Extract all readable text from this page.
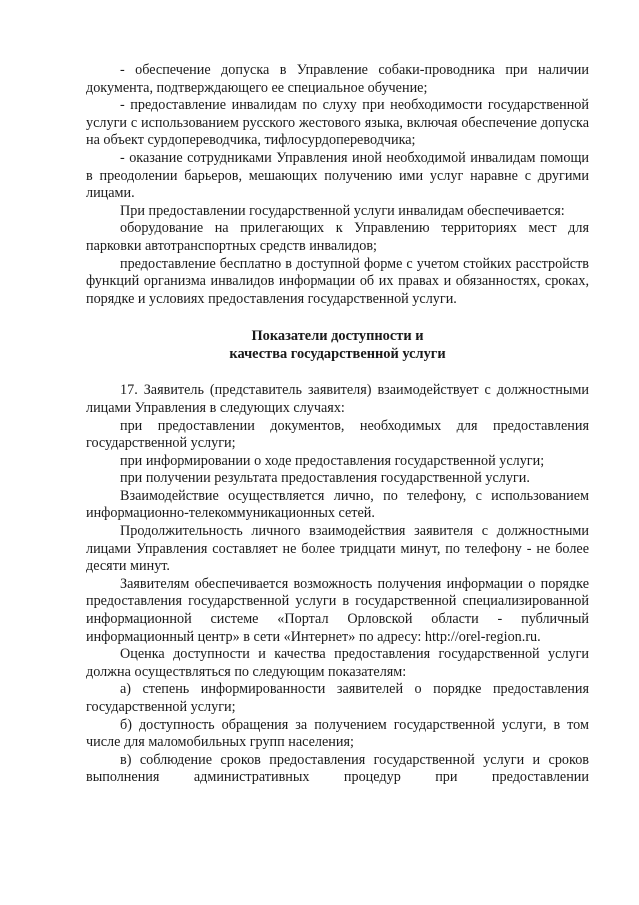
- обеспечение допуска в Управление собаки-проводника при наличии документа, подтверждающего ее специальное обучение;

- предоставление инвалидам по слуху при необходимости государственной услуги с использованием русского жестового языка, включая обеспечение допуска на объект сурдопереводчика, тифлосурдопереводчика;

- оказание сотрудниками Управления иной необходимой инвалидам помощи в преодолении барьеров, мешающих получению ими услуг наравне с другими лицами.

При предоставлении государственной услуги инвалидам обеспечивается:

оборудование на прилегающих к Управлению территориях мест для парковки автотранспортных средств инвалидов;

предоставление бесплатно в доступной форме с учетом стойких расстройств функций организма инвалидов информации об их правах и обязанностях, сроках, порядке и условиях предоставления государственной услуги.

Показатели доступности и
качества государственной услуги

17. Заявитель (представитель заявителя) взаимодействует с должностными лицами Управления в следующих случаях:

при предоставлении документов, необходимых для предоставления государственной услуги;

при информировании о ходе предоставления государственной услуги;

при получении результата предоставления государственной услуги.

Взаимодействие осуществляется лично, по телефону, с использованием информационно-телекоммуникационных сетей.

Продолжительность личного взаимодействия заявителя с должностными лицами Управления составляет не более тридцати минут, по телефону - не более десяти минут.

Заявителям обеспечивается возможность получения информации о порядке предоставления государственной услуги в государственной специализированной информационной системе «Портал Орловской области - публичный информационный центр» в сети «Интернет» по адресу: http://orel-region.ru.

Оценка доступности и качества предоставления государственной услуги должна осуществляться по следующим показателям:

а) степень информированности заявителей о порядке предоставления государственной услуги;

б) доступность обращения за получением государственной услуги, в том числе для маломобильных групп населения;

в) соблюдение сроков предоставления государственной услуги и сроков выполнения административных процедур при предоставлении
